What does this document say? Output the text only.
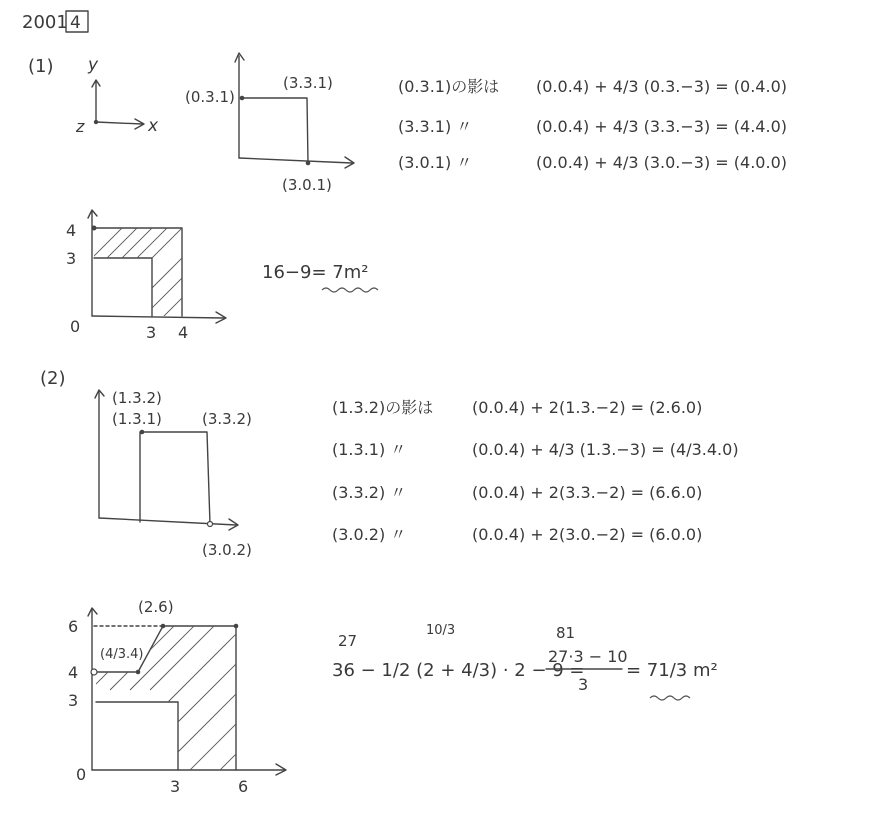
2001 4
(1) y
x
z
(0.3.1)
(3.3.1)
(3.0.1)
(0.3.1)の影は (0.0.4) + 4/3 (0.3.−3) = (0.4.0)
(3.3.1) 〃	(0.0.4) + 4/3 (3.3.−3) = (4.4.0)
(3.0.1) 〃	(0.0.4) + 4/3 (3.0.−3) = (4.0.0)
4
3
0	3 4
16−9= 7m²
(2)
(1.3.2)
(1.3.1)	(3.3.2)
(3.0.2)
(1.3.2)の影は (0.0.4) + 2(1.3.−2) = (2.6.0)
(1.3.1) 〃	(0.0.4) + 4/3 (1.3.−3) = (4/3.4.0)
(3.3.2) 〃	(0.0.4) + 2(3.3.−2) = (6.6.0)
(3.0.2) 〃	(0.0.4) + 2(3.0.−2) = (6.0.0)
6
4
3
0
3	6
(2.6)
(4/3.4)
27
10/3	81
36 − 1/2 (2 + 4/3) · 2 − 9 =
27·3 − 10
3
= 71/3 m²
